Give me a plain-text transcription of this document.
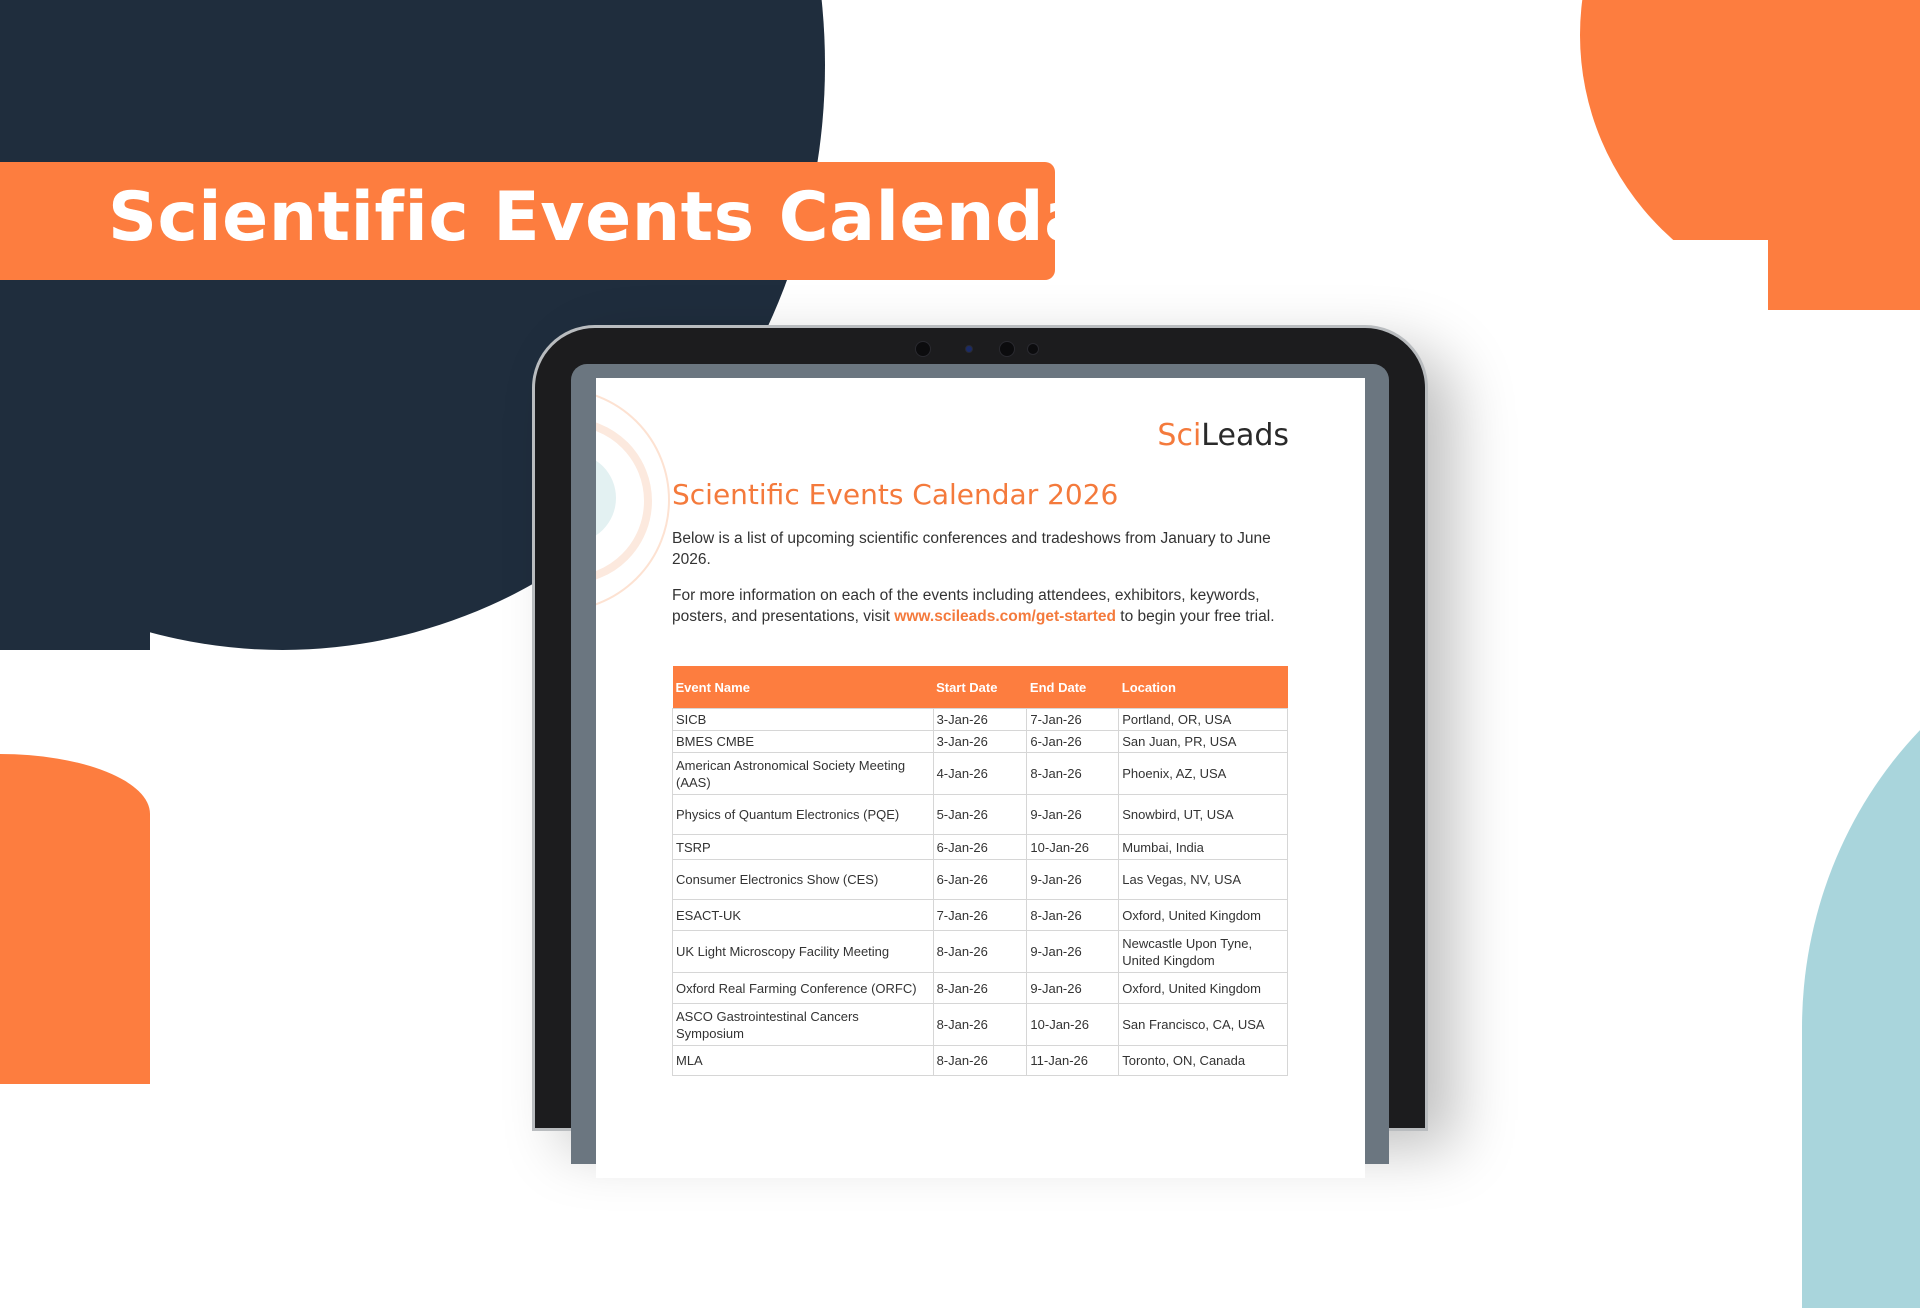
Scientific Events Calendar
SciLeads
Scientific Events Calendar 2026
Below is a list of upcoming scientific conferences and tradeshows from January to June 2026.
For more information on each of the events including attendees, exhibitors, keywords, posters, and presentations, visit www.scileads.com/get-started to begin your free trial.
Event Name	Start Date	End Date	Location
SICB	3-Jan-26	7-Jan-26	Portland, OR, USA
BMES CMBE	3-Jan-26	6-Jan-26	San Juan, PR, USA
American Astronomical Society Meeting (AAS)	4-Jan-26	8-Jan-26	Phoenix, AZ, USA
Physics of Quantum Electronics (PQE)	5-Jan-26	9-Jan-26	Snowbird, UT, USA
TSRP	6-Jan-26	10-Jan-26	Mumbai, India
Consumer Electronics Show (CES)	6-Jan-26	9-Jan-26	Las Vegas, NV, USA
ESACT-UK	7-Jan-26	8-Jan-26	Oxford, United Kingdom
UK Light Microscopy Facility Meeting	8-Jan-26	9-Jan-26	Newcastle Upon Tyne, United Kingdom
Oxford Real Farming Conference (ORFC)	8-Jan-26	9-Jan-26	Oxford, United Kingdom
ASCO Gastrointestinal Cancers Symposium	8-Jan-26	10-Jan-26	San Francisco, CA, USA
MLA	8-Jan-26	11-Jan-26	Toronto, ON, Canada
